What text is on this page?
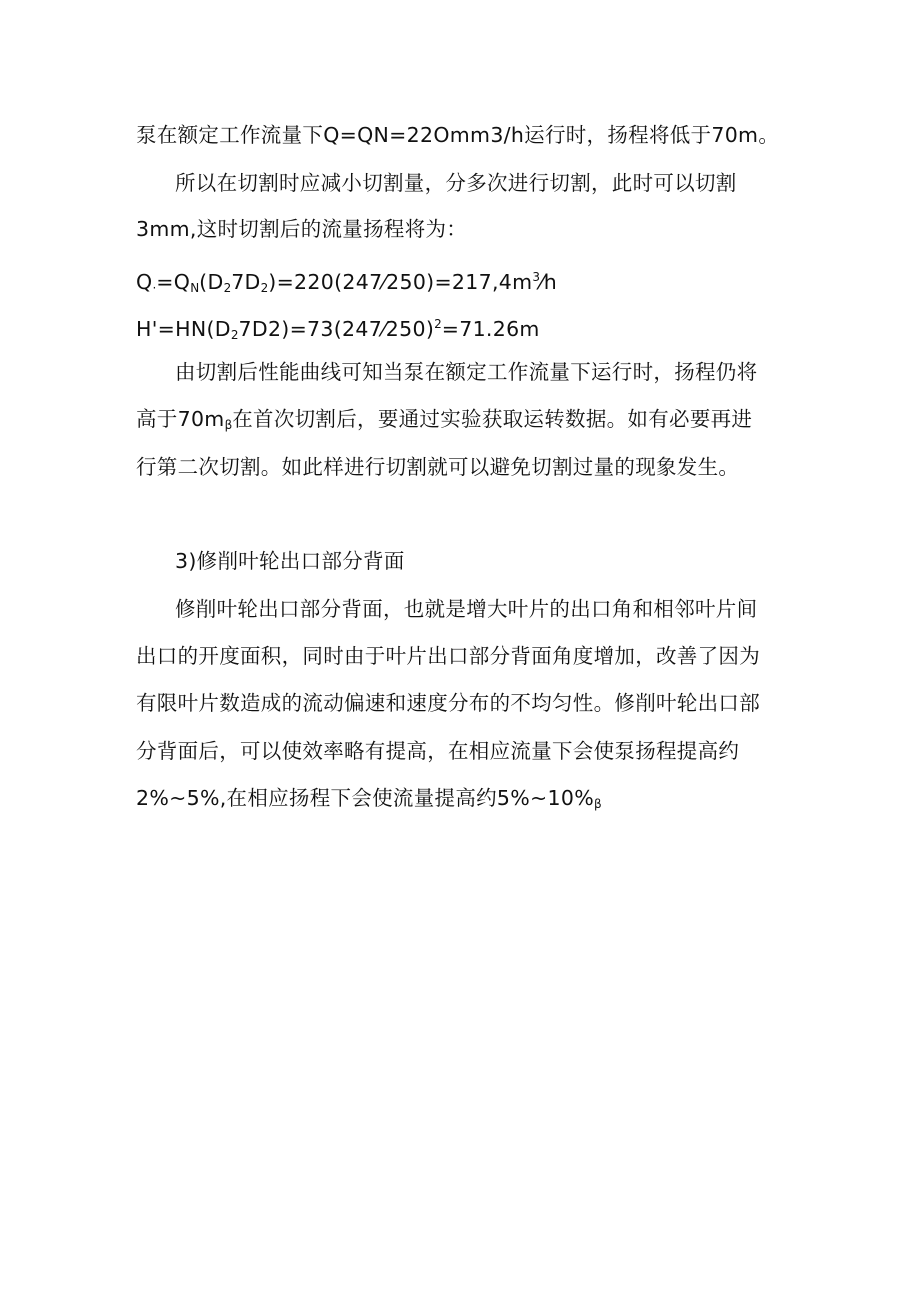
泵在额定工作流量下Q=QN=22Omm3/h运行时，扬程将低于70m。
所以在切割时应减小切割量，分多次进行切割，此时可以切割
3mm,这时切割后的流量扬程将为：
$Q_\cdot=Q_N(D_27D_2)=220(247⁄250)=217,4m^3⁄h$
$H'=HN(D_27D2)=73(247⁄250)^2=71.26m$
由切割后性能曲线可知当泵在额定工作流量下运行时，扬程仍将
高于$70m_\beta$在首次切割后，要通过实验获取运转数据。如有必要再进
行第二次切割。如此样进行切割就可以避免切割过量的现象发生。
3)修削叶轮出口部分背面
修削叶轮出口部分背面，也就是增大叶片的出口角和相邻叶片间
出口的开度面积，同时由于叶片出口部分背面角度增加，改善了因为
有限叶片数造成的流动偏速和速度分布的不均匀性。修削叶轮出口部
分背面后，可以使效率略有提高，在相应流量下会使泵扬程提高约
2%~5%,在相应扬程下会使流量提高约$5\%\sim 10\%_\beta$
